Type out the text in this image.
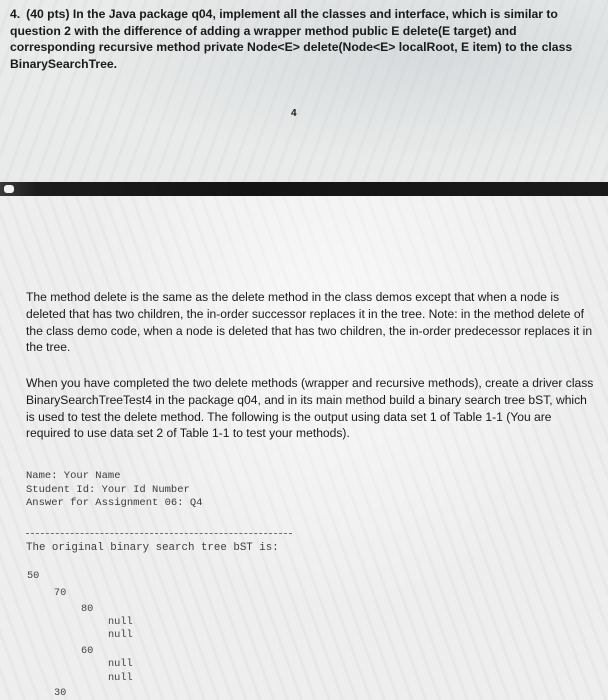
4. (40 pts) In the Java package q04, implement all the classes and interface, which is similar to question 2 with the difference of adding a wrapper method public E delete(E target) and corresponding recursive method private Node<E> delete(Node<E> localRoot, E item) to the class BinarySearchTree.
4
The method delete is the same as the delete method in the class demos except that when a node is deleted that has two children, the in-order successor replaces it in the tree. Note: in the method delete of the class demo code, when a node is deleted that has two children, the in-order predecessor replaces it in the tree.
When you have completed the two delete methods (wrapper and recursive methods), create a driver class BinarySearchTreeTest4 in the package q04, and in its main method build a binary search tree bST, which is used to test the delete method. The following is the output using data set 1 of Table 1-1 (You are required to use data set 2 of Table 1-1 to test your methods).
Name: Your Name
Student Id: Your Id Number
Answer for Assignment 06: Q4
The original binary search tree bST is:
50
70
80
null
null
60
null
null
30
